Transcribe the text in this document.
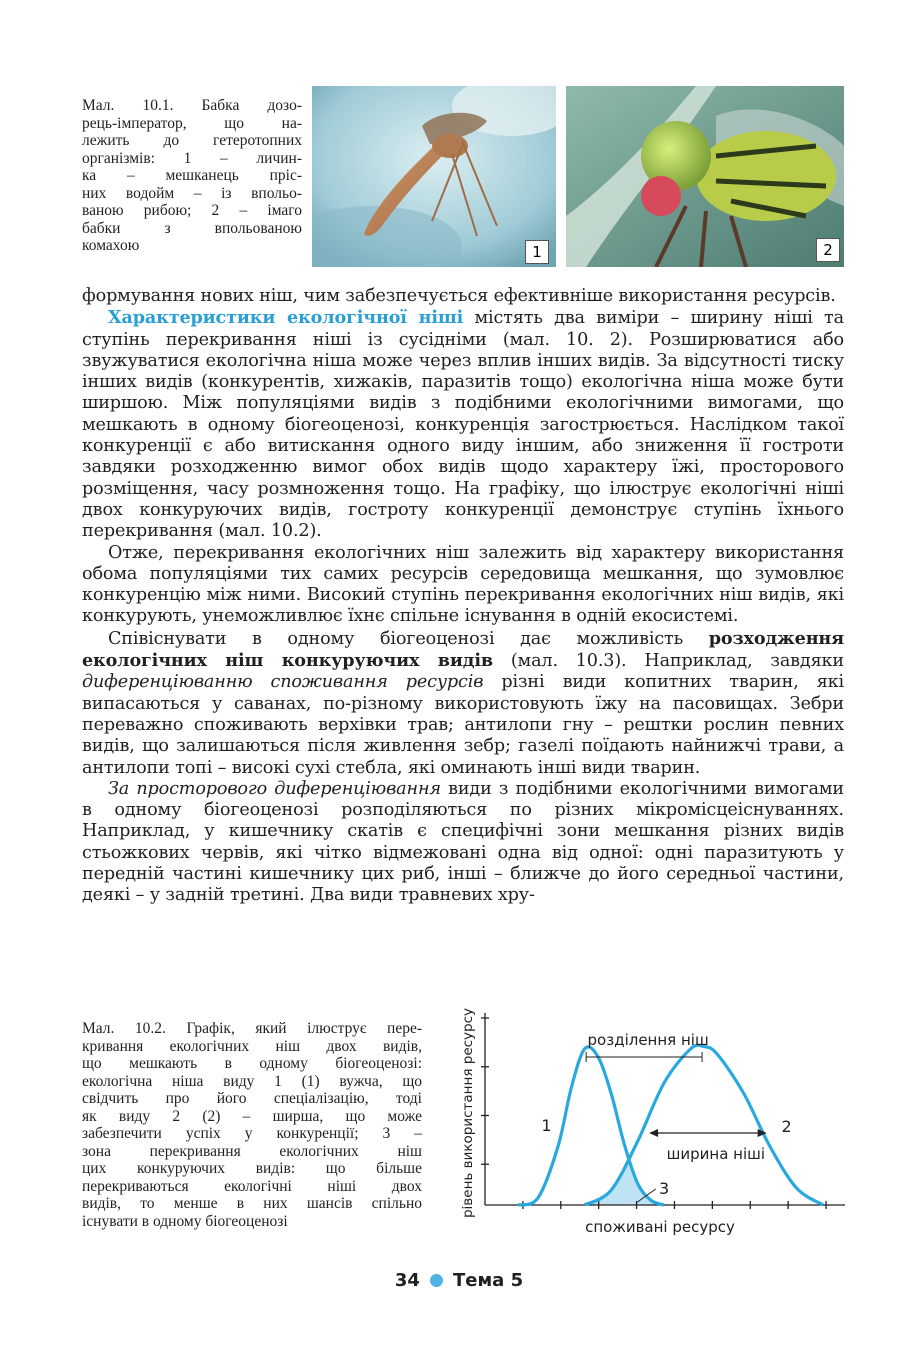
Мал. 10.1. Бабка дозо-
рець-імператор, що на-
лежить до гетеротопних
організмів: 1 – личин-
ка – мешканець пріс-
них водойм – із впольо-
ваною рибою; 2 – імаго
бабки з впольованою
комахою	1	2

формування нових ніш, чим забезпечується ефективніше використання ресурсів.

Характеристики екологічної ніші містять два виміри – ширину ніші та ступінь перекривання ніші із сусідніми (мал. 10. 2). Розширюватися або звужуватися екологічна ніша може через вплив інших видів. За відсутності тиску інших видів (конкурентів, хижаків, паразитів тощо) екологічна ніша може бути ширшою. Між популяціями видів з подібними екологічними вимогами, що мешкають в одному біогеоценозі, конкуренція загострюється. Наслідком такої конкуренції є або витискання одного виду іншим, або зниження її гостроти завдяки розходженню вимог обох видів щодо характеру їжі, просторового розміщення, часу розмноження тощо. На графіку, що ілюструє екологічні ніші двох конкуруючих видів, гостроту конкуренції демонструє ступінь їхнього перекривання (мал. 10.2).

Отже, перекривання екологічних ніш залежить від характеру використання обома популяціями тих самих ресурсів середовища мешкання, що зумовлює конкуренцію між ними. Високий ступінь перекривання екологічних ніш видів, які конкурують, унеможливлює їхнє спільне існування в одній екосистемі.

Співіснувати в одному біогеоценозі дає можливість розходження екологічних ніш конкуруючих видів (мал. 10.3). Наприклад, завдяки диференціюванню споживання ресурсів різні види копитних тварин, які випасаються у саванах, по-різному використовують їжу на пасовищах. Зебри переважно споживають верхівки трав; антилопи гну – рештки рослин певних видів, що залишаються після живлення зебр; газелі поїдають найнижчі трави, а антилопи топі – високі сухі стебла, які оминають інші види тварин.

За просторового диференціювання види з подібними екологічними вимогами в одному біогеоценозі розподіляються по різних мікромісцеіснуваннях. Наприклад, у кишечнику скатів є специфічні зони мешкання різних видів стьожкових червів, які чітко відмежовані одна від одної: одні паразитують у передній частині кишечнику цих риб, інші – ближче до його середньої частини, деякі – у задній третині. Два види травневих хру-

Мал. 10.2. Графік, який ілюструє пере-
кривання екологічних ніш двох видів,
що мешкають в одному біогеоценозі:
екологічна ніша виду 1 (1) вужча, що
свідчить про його спеціалізацію, тоді
як виду 2 (2) – ширша, що може
забезпечити успіх у конкуренції; 3 –
зона перекривання екологічних ніш
цих конкуруючих видів: що більше
перекриваються екологічні ніші двох
видів, то менше в них шансів спільно
існувати в одному біогеоценозі
розділення ніш
ширина ніші
1	2
3
споживані ресурсу
рівень використання ресурсу
34 Тема 5
